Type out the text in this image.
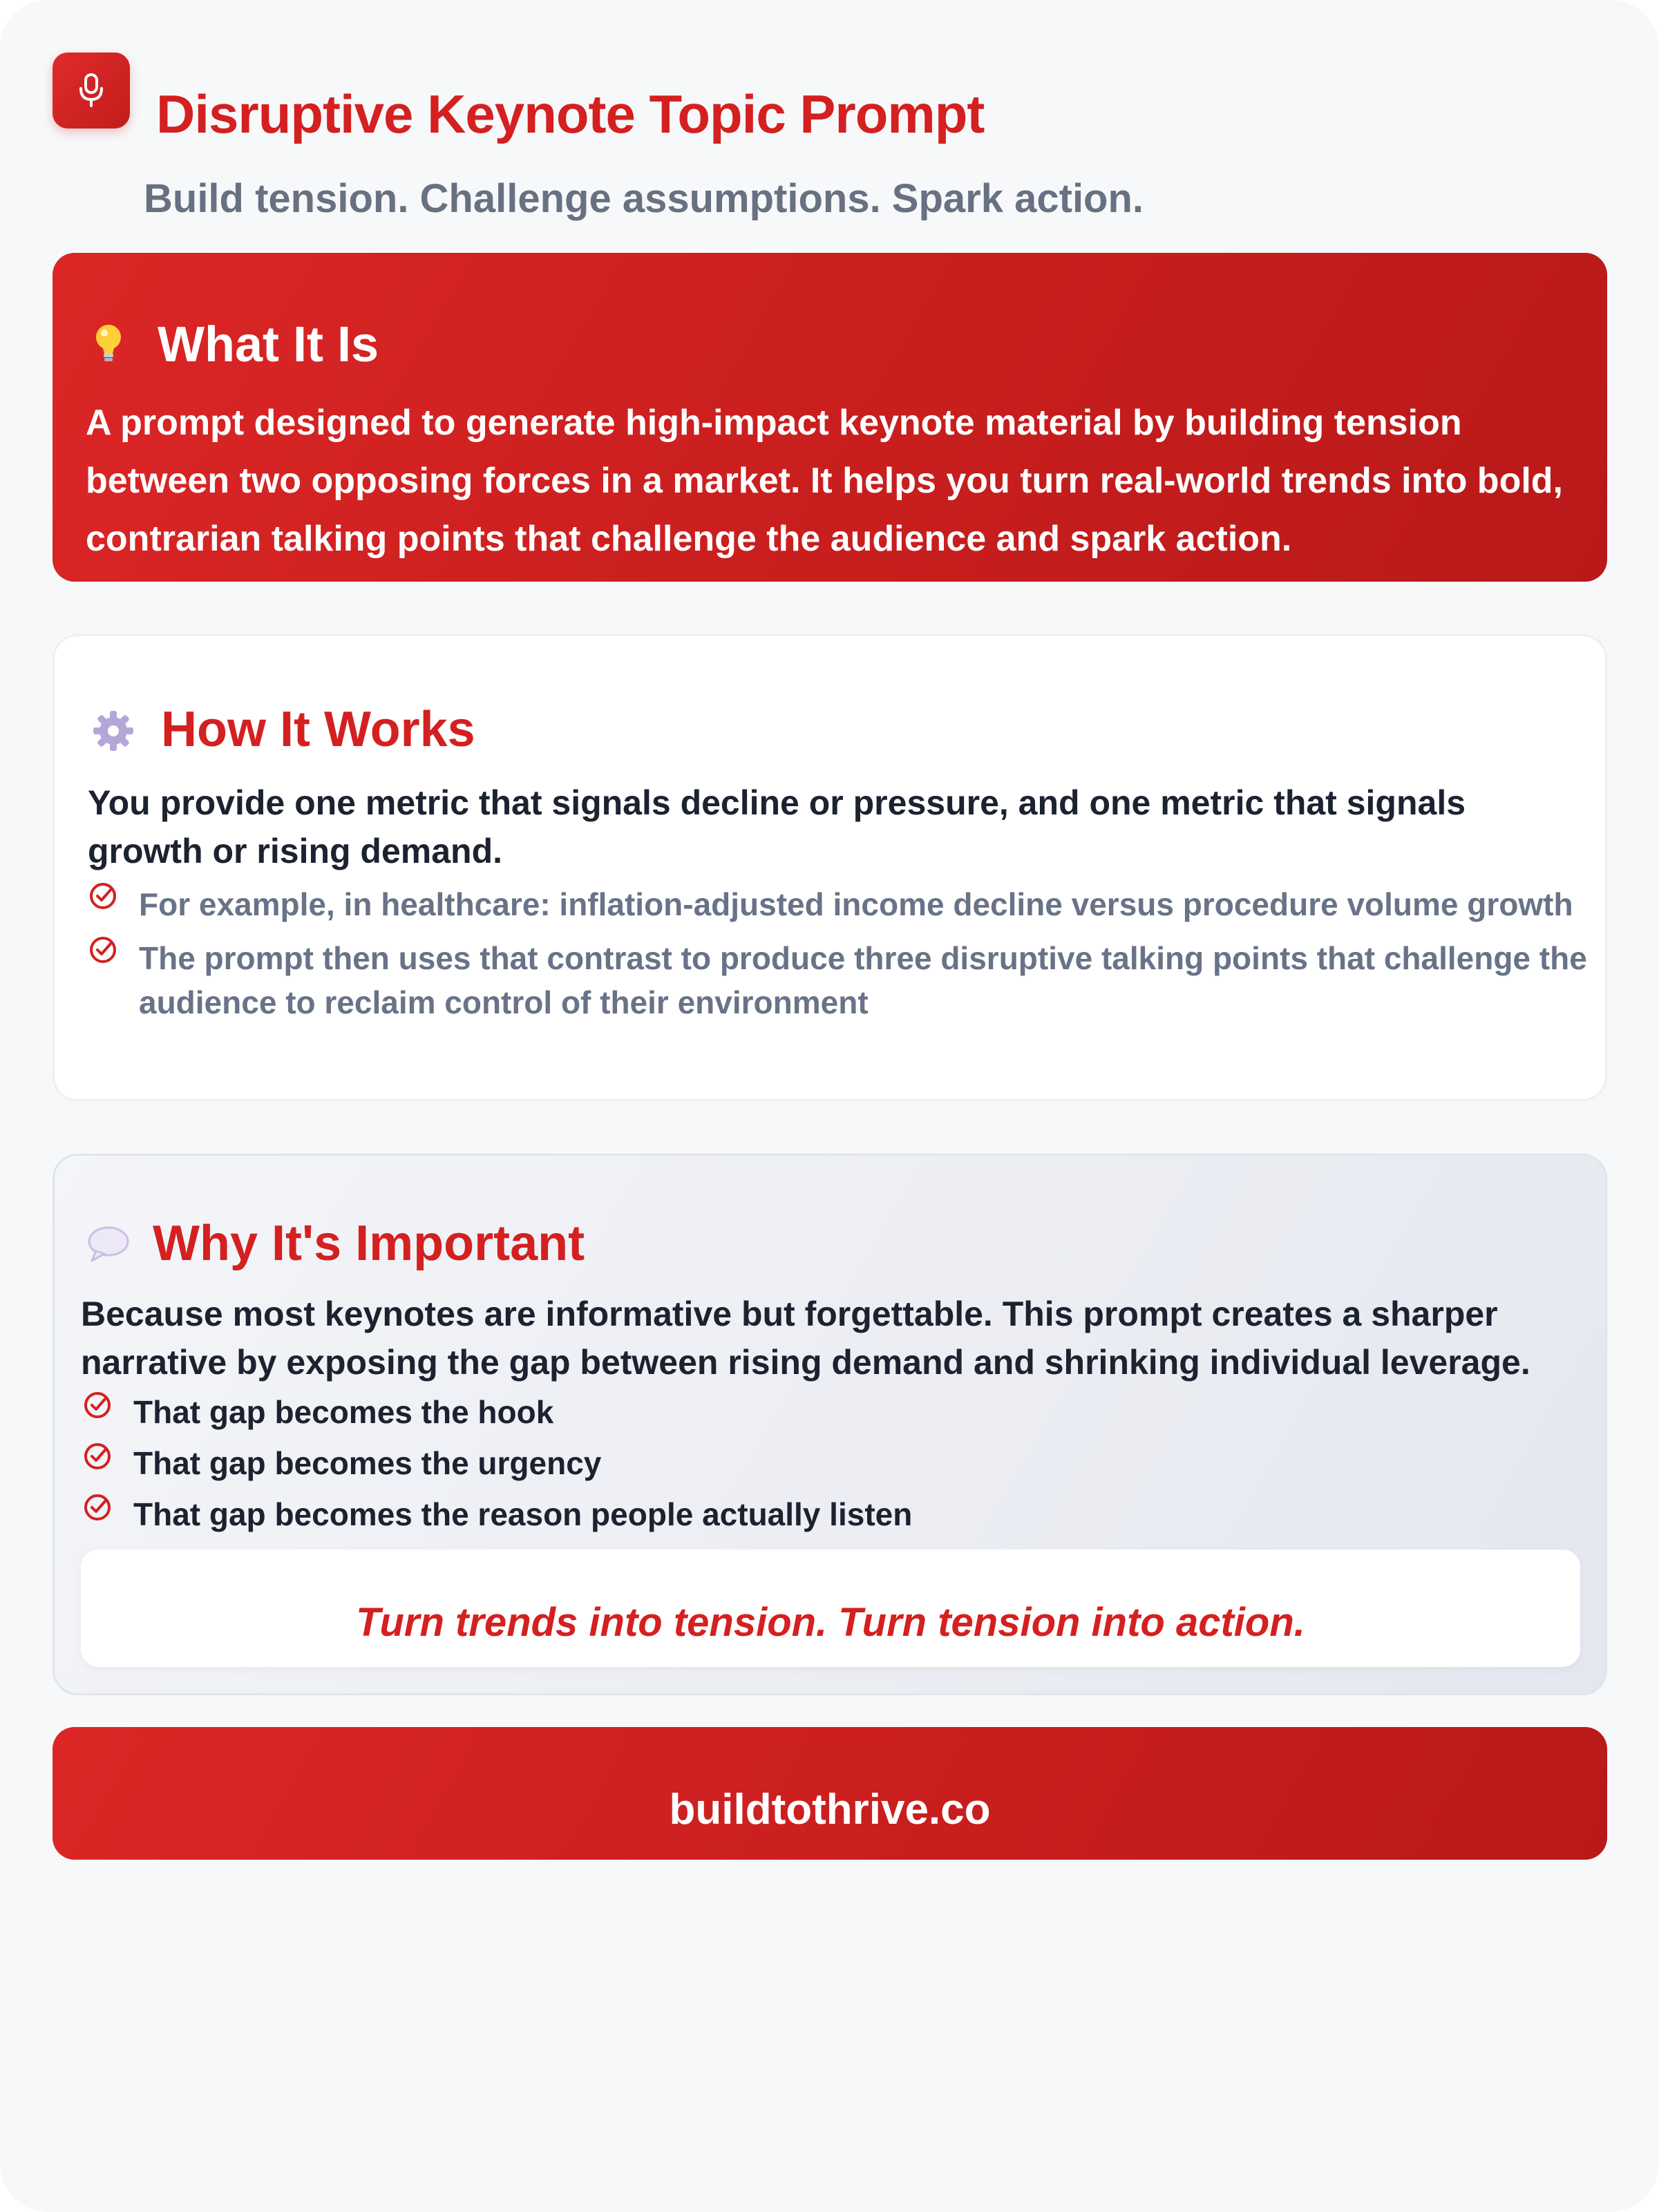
Disruptive Keynote Topic Prompt
Build tension. Challenge assumptions. Spark action.
What It Is
A prompt designed to generate high-impact keynote material by building tension between two opposing forces in a market. It helps you turn real-world trends into bold, contrarian talking points that challenge the audience and spark action.
How It Works
You provide one metric that signals decline or pressure, and one metric that signals growth or rising demand.
For example, in healthcare: inflation-adjusted income decline versus procedure volume growth
The prompt then uses that contrast to produce three disruptive talking points that challenge the audience to reclaim control of their environment
Why It's Important
Because most keynotes are informative but forgettable. This prompt creates a sharper narrative by exposing the gap between rising demand and shrinking individual leverage.
That gap becomes the hook
That gap becomes the urgency
That gap becomes the reason people actually listen
Turn trends into tension. Turn tension into action.
buildtothrive.co
